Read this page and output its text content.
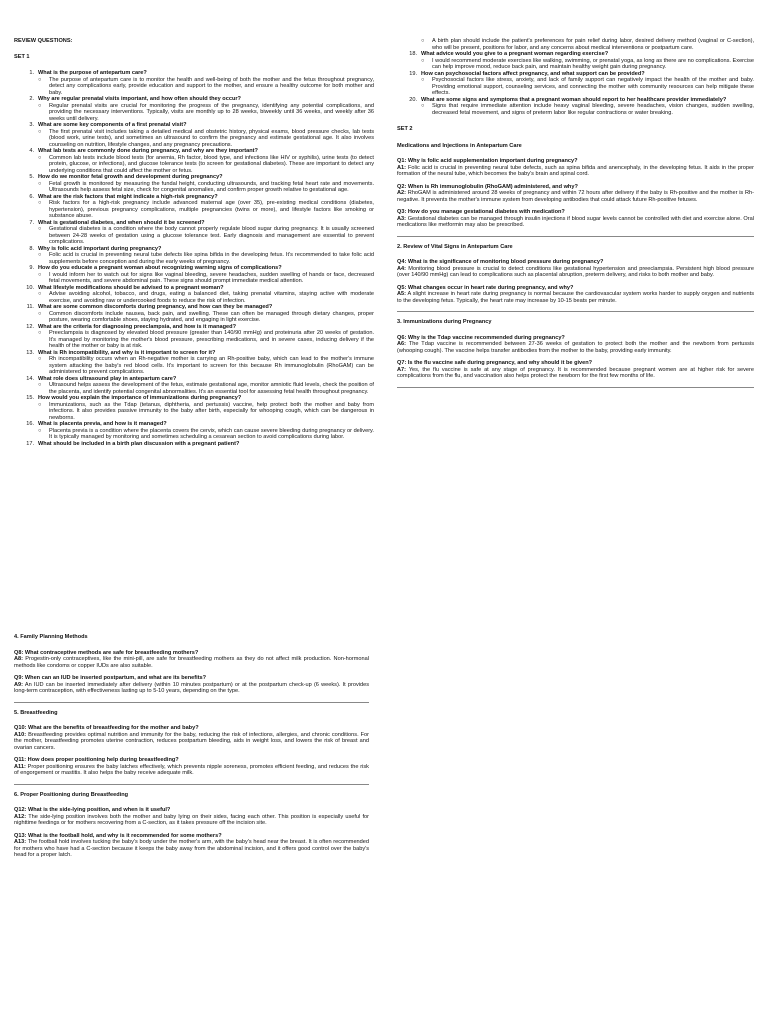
REVIEW QUESTIONS:

SET 1

1. What is the purpose of antepartum care?

○ The purpose of antepartum care is to monitor the health and well-being of both the mother and the fetus throughout pregnancy, detect any complications early, provide education and support to the mother, and ensure a healthy outcome for both mother and baby.

2. Why are regular prenatal visits important, and how often should they occur?

○ Regular prenatal visits are crucial for monitoring the progress of the pregnancy, identifying any potential complications, and providing the necessary interventions. Typically, visits are monthly up to 28 weeks, biweekly until 36 weeks, and weekly after 36 weeks until delivery.

3. What are some key components of a first prenatal visit?

○ The first prenatal visit includes taking a detailed medical and obstetric history, physical exams, blood pressure checks, lab tests (blood work, urine tests), and sometimes an ultrasound to confirm the pregnancy and estimate gestational age. It also involves counseling on nutrition, lifestyle changes, and any pregnancy precautions.

4. What lab tests are commonly done during pregnancy, and why are they important?

○ Common lab tests include blood tests (for anemia, Rh factor, blood type, and infections like HIV or syphilis), urine tests (to detect protein, glucose, or infections), and glucose tolerance tests (to screen for gestational diabetes). These are important to detect any underlying conditions that could affect the mother or fetus.

5. How do we monitor fetal growth and development during pregnancy?

○ Fetal growth is monitored by measuring the fundal height, conducting ultrasounds, and tracking fetal heart rate and movements. Ultrasounds help assess fetal size, check for congenital anomalies, and confirm proper growth relative to gestational age.

6. What are the risk factors that might indicate a high-risk pregnancy?

○ Risk factors for a high-risk pregnancy include advanced maternal age (over 35), pre-existing medical conditions (diabetes, hypertension), previous pregnancy complications, multiple pregnancies (twins or more), and lifestyle factors like smoking or substance abuse.

7. What is gestational diabetes, and when should it be screened?

○ Gestational diabetes is a condition where the body cannot properly regulate blood sugar during pregnancy. It is usually screened between 24-28 weeks of gestation using a glucose tolerance test. Early diagnosis and management are essential to prevent complications.

8. Why is folic acid important during pregnancy?

○ Folic acid is crucial in preventing neural tube defects like spina bifida in the developing fetus. It's recommended to take folic acid supplements before conception and during the early weeks of pregnancy.

9. How do you educate a pregnant woman about recognizing warning signs of complications?

○ I would inform her to watch out for signs like vaginal bleeding, severe headaches, sudden swelling of hands or face, decreased fetal movements, and severe abdominal pain. These signs should prompt immediate medical attention.

10. What lifestyle modifications should be advised to a pregnant woman?

○ Advise avoiding alcohol, tobacco, and drugs, eating a balanced diet, taking prenatal vitamins, staying active with moderate exercise, and avoiding raw or undercooked foods to reduce the risk of infection.

11. What are some common discomforts during pregnancy, and how can they be managed?

○ Common discomforts include nausea, back pain, and swelling. These can often be managed through dietary changes, proper posture, wearing comfortable shoes, staying hydrated, and engaging in light exercise.

12. What are the criteria for diagnosing preeclampsia, and how is it managed?

○ Preeclampsia is diagnosed by elevated blood pressure (greater than 140/90 mmHg) and proteinuria after 20 weeks of gestation. It's managed by monitoring the mother's blood pressure, prescribing medications, and in severe cases, inducing delivery if the health of the mother or baby is at risk.

13. What is Rh incompatibility, and why is it important to screen for it?

○ Rh incompatibility occurs when an Rh-negative mother is carrying an Rh-positive baby, which can lead to the mother's immune system attacking the baby's red blood cells. It's important to screen for this because Rh immunoglobulin (RhoGAM) can be administered to prevent complications.

14. What role does ultrasound play in antepartum care?

○ Ultrasound helps assess the development of the fetus, estimate gestational age, monitor amniotic fluid levels, check the position of the placenta, and identify potential congenital abnormalities. It's an essential tool for assessing fetal health throughout pregnancy.

15. How would you explain the importance of immunizations during pregnancy?

○ Immunizations, such as the Tdap (tetanus, diphtheria, and pertussis) vaccine, help protect both the mother and baby from infections. It also provides passive immunity to the baby after birth, especially for whooping cough, which can be dangerous in newborns.

16. What is placenta previa, and how is it managed?

○ Placenta previa is a condition where the placenta covers the cervix, which can cause severe bleeding during pregnancy or delivery. It is typically managed by monitoring and sometimes scheduling a cesarean section to avoid complications during labor.

17. What should be included in a birth plan discussion with a pregnant patient?

○ A birth plan should include the patient's preferences for pain relief during labor, desired delivery method (vaginal or C-section), who will be present, positions for labor, and any concerns about medical interventions or postpartum care.

18. What advice would you give to a pregnant woman regarding exercise?

○ I would recommend moderate exercises like walking, swimming, or prenatal yoga, as long as there are no complications. Exercise can help improve mood, reduce back pain, and maintain healthy weight gain during pregnancy.

19. How can psychosocial factors affect pregnancy, and what support can be provided?

○ Psychosocial factors like stress, anxiety, and lack of family support can negatively impact the health of the mother and baby. Providing emotional support, counseling services, and connecting the mother with community resources can help mitigate these effects.

20. What are some signs and symptoms that a pregnant woman should report to her healthcare provider immediately?

○ Signs that require immediate attention include heavy vaginal bleeding, severe headaches, vision changes, sudden swelling, decreased fetal movement, and signs of preterm labor like regular contractions or water breaking.

SET 2

Medications and Injections in Antepartum Care

Q1: Why is folic acid supplementation important during pregnancy?

A1: Folic acid is crucial in preventing neural tube defects, such as spina bifida and anencephaly, in the developing fetus. It aids in the proper formation of the neural tube, which becomes the baby's brain and spinal cord.

Q2: When is Rh immunoglobulin (RhoGAM) administered, and why?

A2: RhoGAM is administered around 28 weeks of pregnancy and within 72 hours after delivery if the baby is Rh-positive and the mother is Rh-negative. It prevents the mother's immune system from developing antibodies that could attack future Rh-positive fetuses.

Q3: How do you manage gestational diabetes with medication?

A3: Gestational diabetes can be managed through insulin injections if blood sugar levels cannot be controlled with diet and exercise alone. Oral medications like metformin may also be prescribed.

2. Review of Vital Signs in Antepartum Care

Q4: What is the significance of monitoring blood pressure during pregnancy?

A4: Monitoring blood pressure is crucial to detect conditions like gestational hypertension and preeclampsia. Persistent high blood pressure (over 140/90 mmHg) can lead to complications such as placental abruption, preterm delivery, and risks to both mother and baby.

Q5: What changes occur in heart rate during pregnancy, and why?

A5: A slight increase in heart rate during pregnancy is normal because the cardiovascular system works harder to supply oxygen and nutrients to the developing fetus. Typically, the heart rate may increase by 10-15 beats per minute.

3. Immunizations during Pregnancy

Q6: Why is the Tdap vaccine recommended during pregnancy?

A6: The Tdap vaccine is recommended between 27-36 weeks of gestation to protect both the mother and the newborn from pertussis (whooping cough). The vaccine helps transfer antibodies from the mother to the baby, providing early immunity.

Q7: Is the flu vaccine safe during pregnancy, and why should it be given?

A7: Yes, the flu vaccine is safe at any stage of pregnancy. It is recommended because pregnant women are at higher risk for severe complications from the flu, and vaccination also helps protect the newborn for the first few months of life.

4. Family Planning Methods

Q8: What contraceptive methods are safe for breastfeeding mothers?

A8: Progestin-only contraceptives, like the mini-pill, are safe for breastfeeding mothers as they do not affect milk production. Non-hormonal methods like condoms or copper IUDs are also suitable.

Q9: When can an IUD be inserted postpartum, and what are its benefits?

A9: An IUD can be inserted immediately after delivery (within 10 minutes postpartum) or at the postpartum check-up (6 weeks). It provides long-term contraception, with effectiveness lasting up to 5-10 years, depending on the type.

5. Breastfeeding

Q10: What are the benefits of breastfeeding for the mother and baby?

A10: Breastfeeding provides optimal nutrition and immunity for the baby, reducing the risk of infections, allergies, and chronic conditions. For the mother, breastfeeding promotes uterine contraction, reduces postpartum bleeding, aids in weight loss, and lowers the risk of breast and ovarian cancers.

Q11: How does proper positioning help during breastfeeding?

A11: Proper positioning ensures the baby latches effectively, which prevents nipple soreness, promotes efficient feeding, and reduces the risk of engorgement or mastitis. It also helps the baby receive adequate milk.

6. Proper Positioning during Breastfeeding

Q12: What is the side-lying position, and when is it useful?

A12: The side-lying position involves both the mother and baby lying on their sides, facing each other. This position is especially useful for nighttime feedings or for mothers recovering from a C-section, as it takes pressure off the incision site.

Q13: What is the football hold, and why is it recommended for some mothers?

A13: The football hold involves tucking the baby's body under the mother's arm, with the baby's head near the breast. It is often recommended for mothers who have had a C-section because it keeps the baby away from the abdominal incision, and it offers good control over the baby's head for a proper latch.
